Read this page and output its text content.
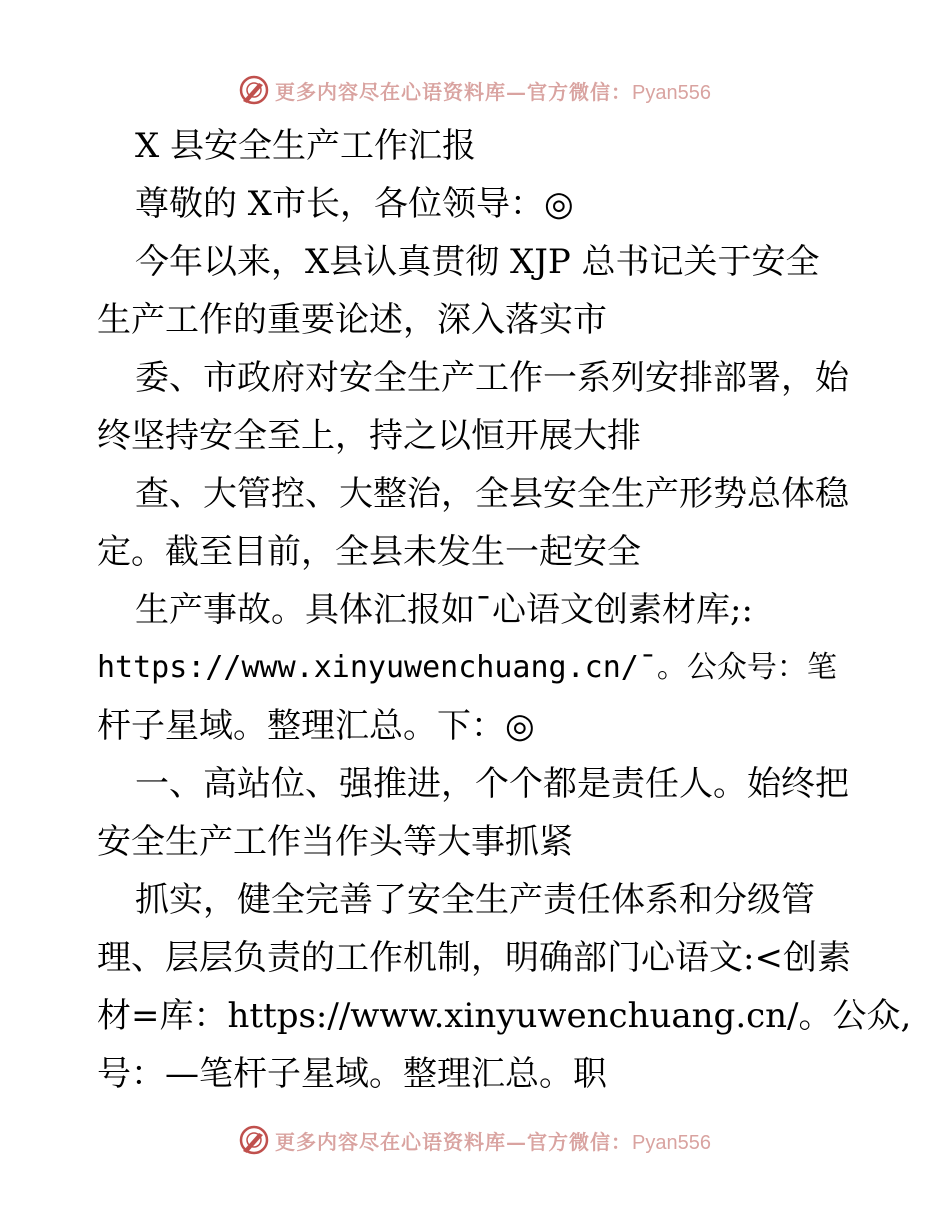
更多内容尽在心语资料库—官方微信：Pyan556
X 县安全生产工作汇报
尊敬的 X市长，各位领导：◎
今年以来，X县认真贯彻 XJP 总书记关于安全
生产工作的重要论述，深入落实市
委、市政府对安全生产工作一系列安排部署，始
终坚持安全至上，持之以恒开展大排
查、大管控、大整治，全县安全生产形势总体稳
定。截至目前，全县未发生一起安全
生产事故。具体汇报如¯心语文创素材库;:
https://www.xinyuwenchuang.cn/¯。公众号：笔
杆子星域。整理汇总。下：◎
一、高站位、强推进，个个都是责任人。始终把
安全生产工作当作头等大事抓紧
抓实，健全完善了安全生产责任体系和分级管
理、层层负责的工作机制，明确部门心语文:<创素
材=库：https://www.xinyuwenchuang.cn/。公众,
号：—笔杆子星域。整理汇总。职
更多内容尽在心语资料库—官方微信：Pyan556
